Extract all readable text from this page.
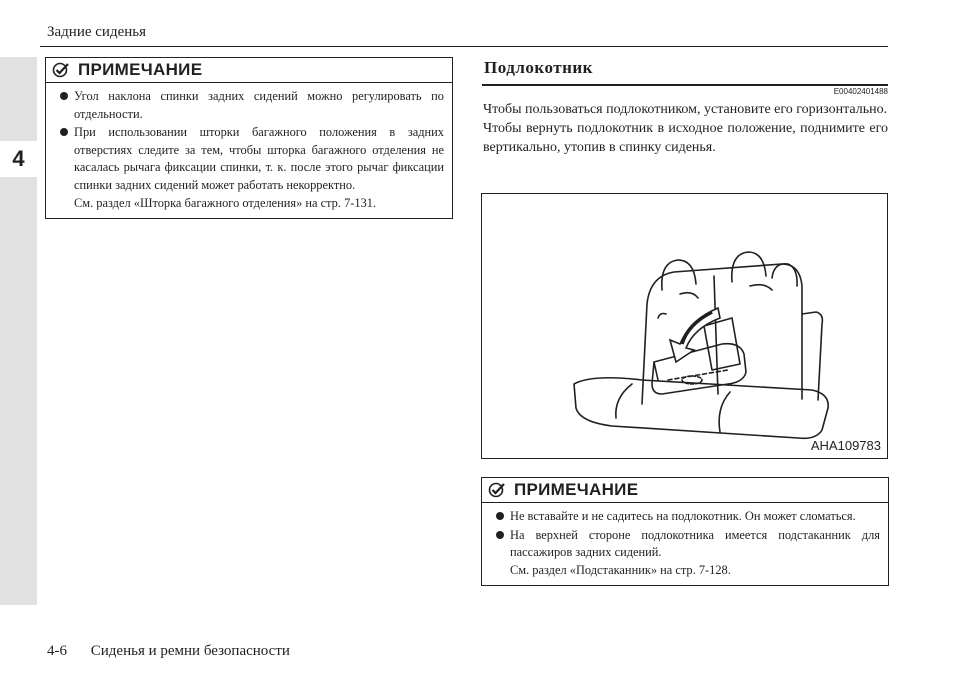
4
Задние сиденья
ПРИМЕЧАНИЕ
Угол наклона спинки задних сидений можно регулировать по отдельности.
При использовании шторки багажного положения в задних отверстиях следите за тем, чтобы шторка багажного отделения не касалась рычага фиксации спинки, т. к. после этого рычаг фиксации спинки задних сидений может работать некорректно.
См. раздел «Шторка багажного отделения» на стр. 7-131.
Подлокотник
E00402401488

Чтобы пользоваться подлокотником, установите его горизонтально.

Чтобы вернуть подлокотник в исходное положение, поднимите его вертикально, утопив в спинку сиденья.

AHA109783
ПРИМЕЧАНИЕ
Не вставайте и не садитесь на подлокотник. Он может сломаться.
На верхней стороне подлокотника имеется подстаканник для пассажиров задних сидений.
См. раздел «Подстаканник» на стр. 7-128.
4-6 Сиденья и ремни безопасности
